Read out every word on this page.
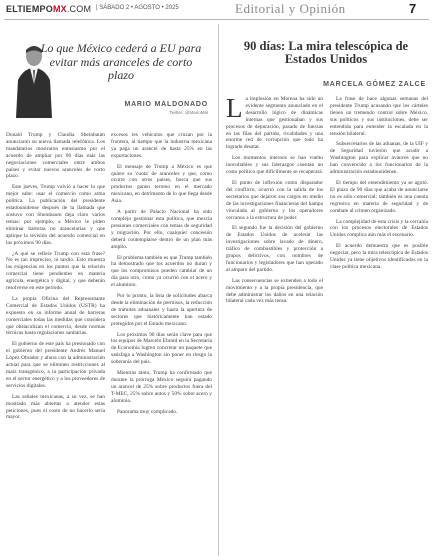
ELTIEMPOMX.COM | SÁBADO 2 • AGOSTO • 2025	Editorial y Opinión	7
Lo que México cederá a EU para evitar más aranceles de corto plazo
MARIO MALDONADO
Twitter: @MarioMal

Donald Trump y Claudia Sheinbaum anunciaron su nueva llamada telefónica. Los mandatarios mostraron entusiasmo por el acuerdo de ampliar por 90 días más las negociaciones comerciales entre ambos países y evitar nuevos aranceles de corto plazo.

Este jueves, Trump volvió a hacer lo que mejor sabe: usar el comercio como arma política. La publicación del presidente estadounidense después de la llamada que sostuvo con Sheinbaum deja claro varios temas: por ejemplo, a México le piden eliminar barreras no arancelarias y que aplique la revisión del acuerdo comercial en los próximos 90 días.

¿A qué se refiere Trump con esta frase? No es tan impreciso, ni tardío. Esto muestra las exigencias en los puntos que la relación comercial tiene pendientes en materia agrícola, energética y digital, y que deberán resolverse en este periodo.

La propia Oficina del Representante Comercial de Estados Unidos (USTR) ha expuesto en su informe anual de barreras comerciales todas las medidas que considera que obstaculizan el comercio, desde normas técnicas hasta regulaciones sanitarias.

El gobierno de este país ha presionado con el gobierno del presidente Andrés Manuel López Obrador y ahora con la administración actual para que se eliminen restricciones al maíz transgénico, a la participación privada en el sector energético y a los proveedores de servicios digitales.

Las señales mexicanas, a su vez, se han mostrado más abiertas a atender estas peticiones, pues el costo de no hacerlo sería mayor.

excesos les vehículos que cruzan por la frontera, al tiempo que la industria mexicana ya paga un arancel de hasta 25% en las exportaciones.

El mensaje de Trump a México es que quiere su 'cuota' de aranceles y que, como ocurre con otros países, busca que sus productos ganen terreno en el mercado mexicano, en detrimento de lo que llega desde Asia.

A partir de Palacio Nacional ha sido complejo gestionar esta política, que mezcla presiones comerciales con temas de seguridad y migración. Por ello, cualquier concesión deberá contemplarse dentro de un plan más amplio.

El problema también es que Trump también ha demostrado que los acuerdos no duran y que los compromisos pueden cambiar de un día para otro, como ya ocurrió con el acero y el aluminio.

Por lo pronto, la lista de solicitudes abarca desde la eliminación de permisos, la reducción de trámites aduanales y hasta la apertura de sectores que históricamente han estado protegidos por el Estado mexicano.

Los próximos 90 días serán clave para que los equipos de Marcelo Ebrard en la Secretaría de Economía logren concretar un paquete que satisfaga a Washington sin poner en riesgo la soberanía del país.

Mientras tanto, Trump ha confirmado que durante la prórroga México seguirá pagando un arancel de 25% sobre productos fuera del T-MEC, 25% sobre autos y 50% sobre acero y aluminio.

Panorama muy complicado.

90 días: La mira telescópica de Estados Unidos
MARCELA GÓMEZ ZALCE

La implosión en Morena ha sido un evidente segmento anunciado en el desarrollo lógico de dinámicas internas que gestionaban y sus procesos de depuración, pasado de fuerzas en las filas del partido, rivalidades y una enorme red de corrupción que todo ha logrado desatar.

Los momentos internos se han vuelto inocultables y sus liderazgos cuentan un costo político que difícilmente se recuperará.

El punto de inflexión como disparador del conflicto, ocurrió con la salida de los secretarios que dejaron sus cargos en medio de las investigaciones financieras del hampa vinculada al gobierno y los operadores cercanos a la estructura de poder.

El segundo fue la decisión del gobierno de Estados Unidos de acelerar las investigaciones sobre lavado de dinero, tráfico de combustibles y protección a grupos delictivos, con nombres de funcionarios y legisladores que han operado al amparo del partido.

Las consecuencias se extienden a todo el movimiento y a la propia presidencia, que debe administrar los daños en una relación bilateral cada vez más tensa.

La frase de hace algunas semanas del presidente Trump acusando que los cárteles tienen un tremendo control sobre México, sus políticos y sus instituciones, debe ser entendida para entender la escalada en la tensión bilateral.

Subsecretarios de las aduanas, de la UIF y de Seguridad tuvieron que acudir a Washington para explicar avances que no han convencido a los funcionarios de la administración estadounidense.

El tiempo del entendimiento ya se agotó. El plazo de 90 días que acaba de anunciarse no es sólo comercial; también es una cuenta regresiva en materia de seguridad y de combate al crimen organizado.

La complejidad de esta crisis y la cercanía con los procesos electorales de Estados Unidos complica aún más el escenario.

El acuerdo demuestra que es posible negociar, pero la mira telescópica de Estados Unidos ya tiene objetivos identificados en la clase política mexicana.
